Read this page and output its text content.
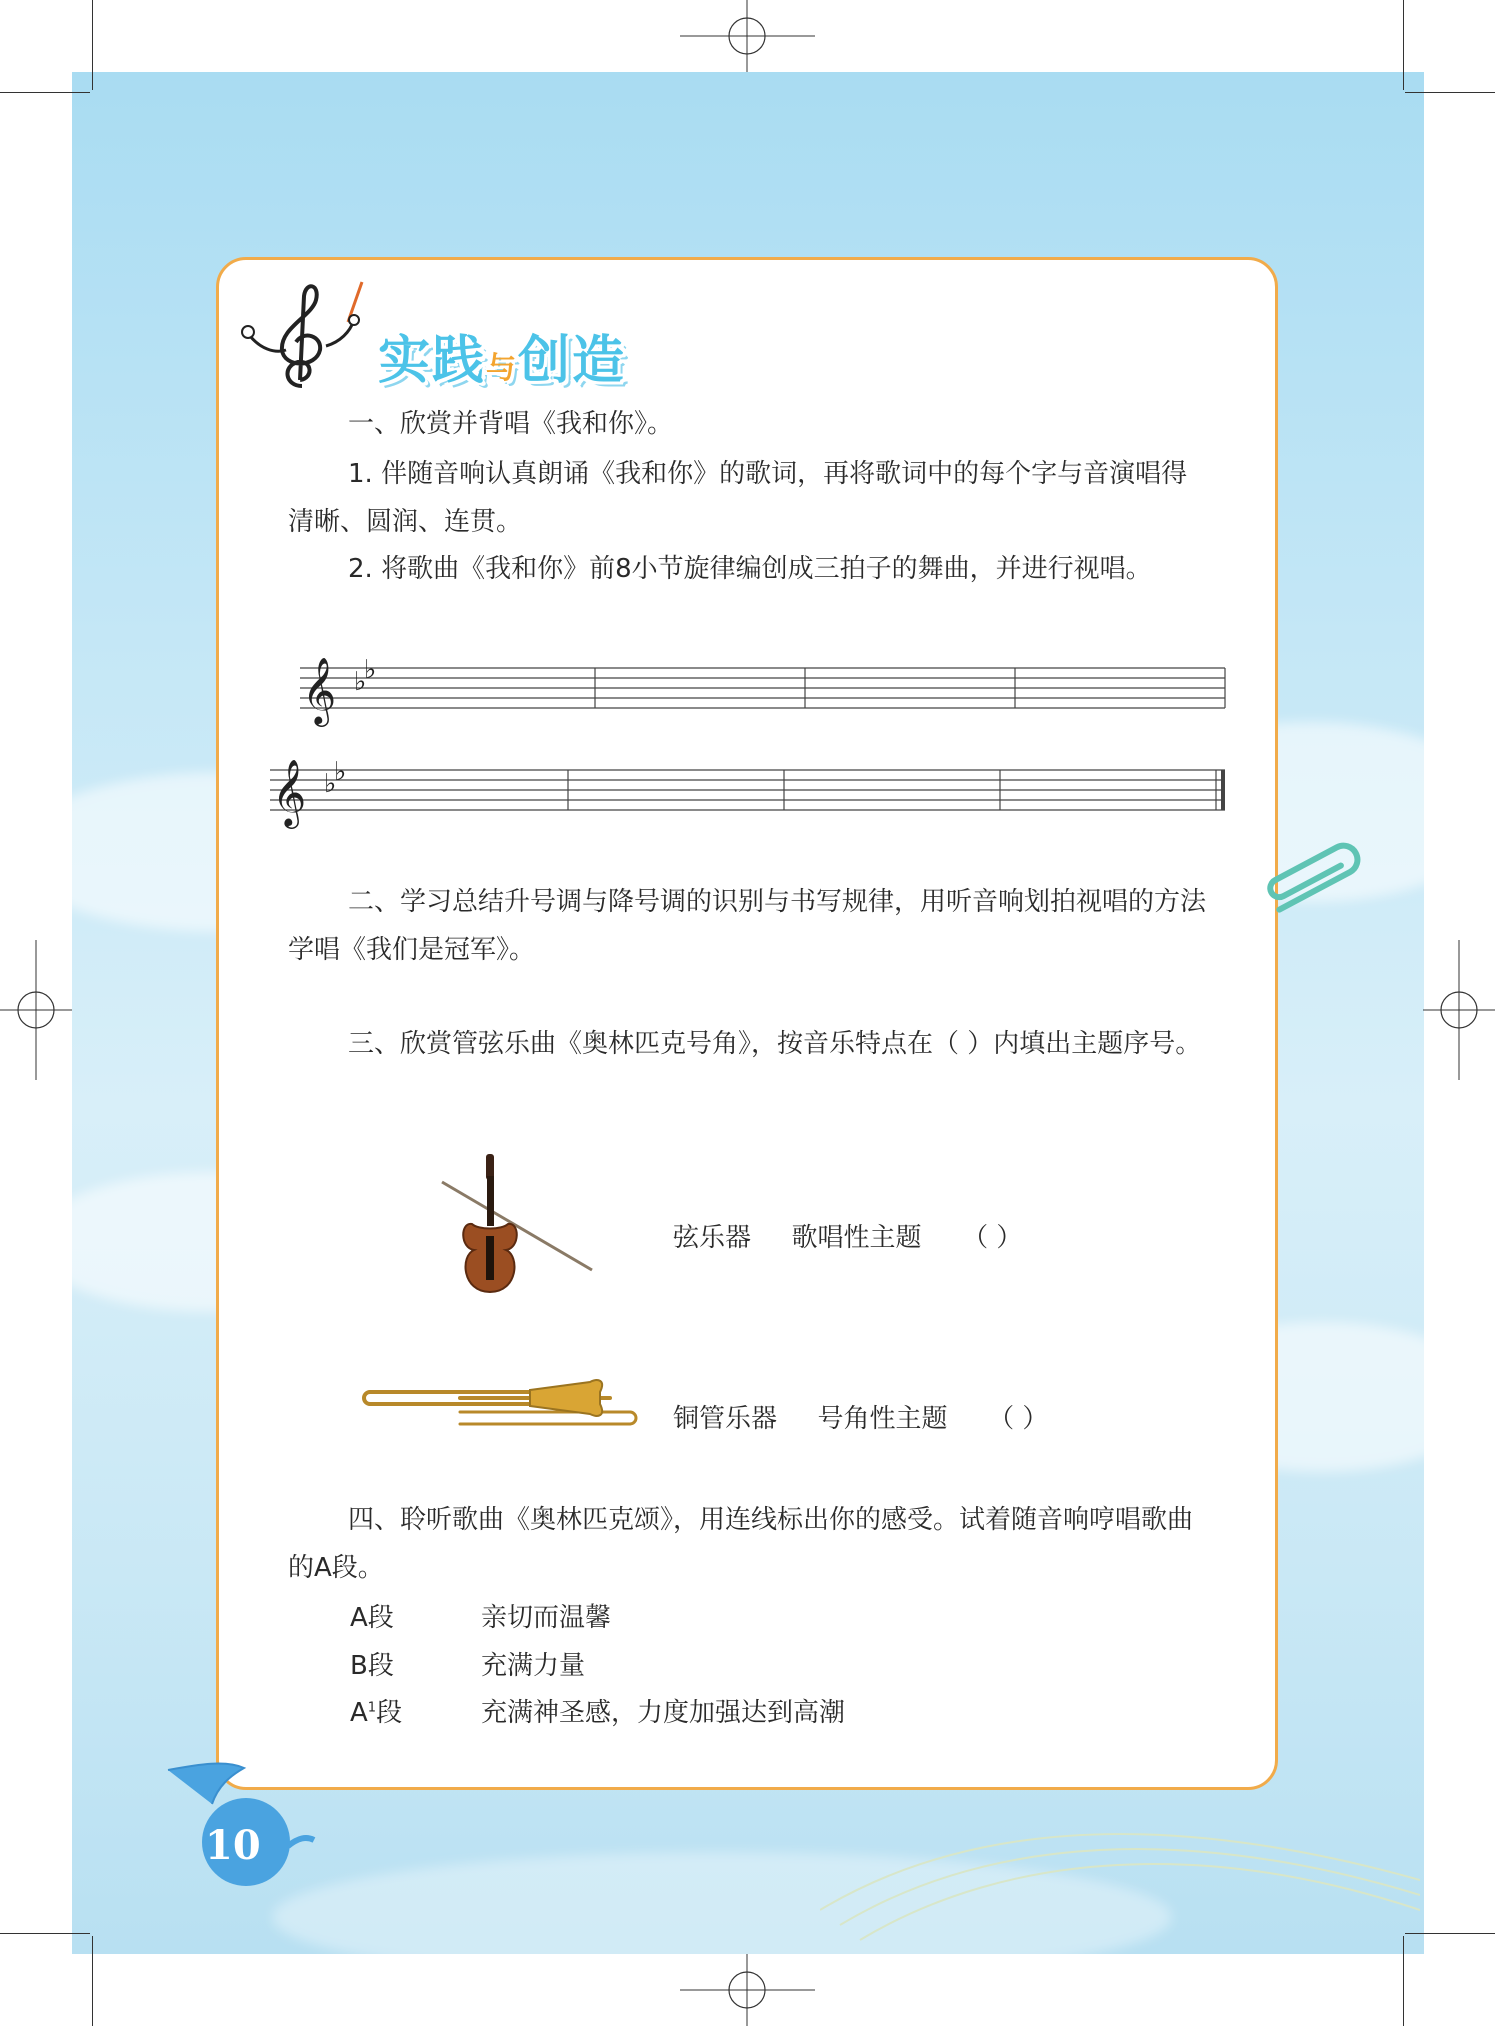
实践与创造
一、欣赏并背唱《我和你》。
1. 伴随音响认真朗诵《我和你》的歌词，再将歌词中的每个字与音演唱得清晰、圆润、连贯。
2. 将歌曲《我和你》前8小节旋律编创成三拍子的舞曲，并进行视唱。
𝄞 ♭
♭
𝄞 ♭
♭
二、学习总结升号调与降号调的识别与书写规律，用听音响划拍视唱的方法学唱《我们是冠军》。
三、欣赏管弦乐曲《奥林匹克号角》，按音乐特点在（ ）内填出主题序号。
弦乐器 歌唱性主题 （ ）
铜管乐器 号角性主题 （ ）
四、聆听歌曲《奥林匹克颂》，用连线标出你的感受。试着随音响哼唱歌曲的A段。
A段
B段
$A^1$段
亲切而温馨
充满力量
充满神圣感，力度加强达到高潮
10
